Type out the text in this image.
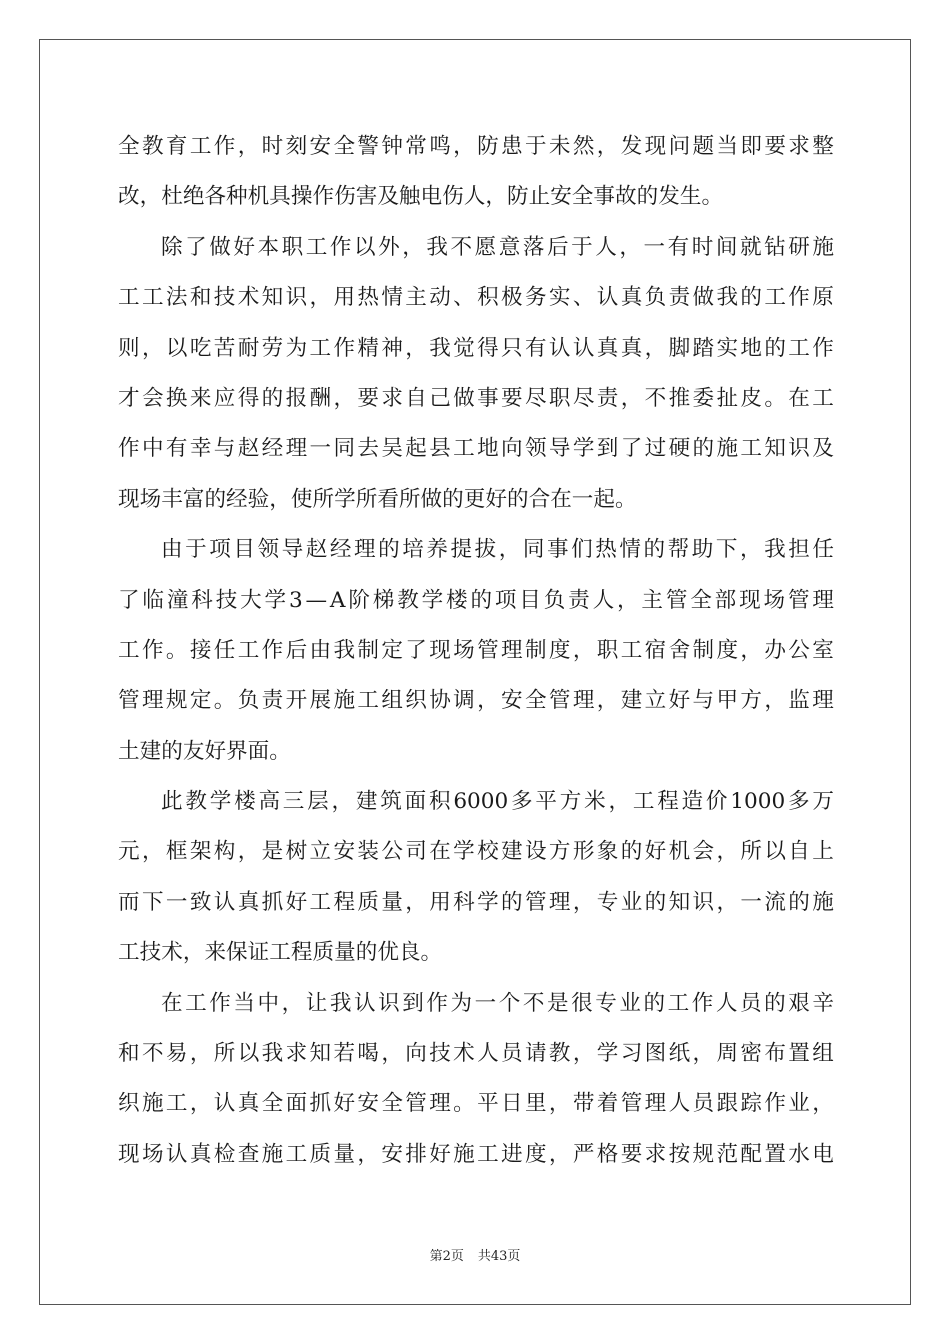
全 教 育 工 作 ， 时 刻 安 全 警 钟 常 鸣 ， 防 患 于 未 然 ， 发 现 问 题 当 即 要 求 整
改 ， 杜 绝 各 种 机 具 操 作 伤 害 及 触 电 伤 人 ， 防 止 安 全 事 故 的 发 生 。
除 了 做 好 本 职 工 作 以 外 ， 我 不 愿 意 落 后 于 人 ， 一 有 时 间 就 钻 研 施
工 工 法 和 技 术 知 识 ， 用 热 情 主 动 、 积 极 务 实 、 认 真 负 责 做 我 的 工 作 原
则 ， 以 吃 苦 耐 劳 为 工 作 精 神 ， 我 觉 得 只 有 认 认 真 真 ， 脚 踏 实 地 的 工 作
才 会 换 来 应 得 的 报 酬 ， 要 求 自 己 做 事 要 尽 职 尽 责 ， 不 推 委 扯 皮 。 在 工
作 中 有 幸 与 赵 经 理 一 同 去 吴 起 县 工 地 向 领 导 学 到 了 过 硬 的 施 工 知 识 及
现 场 丰 富 的 经 验 ， 使 所 学 所 看 所 做 的 更 好 的 合 在 一 起 。
由 于 项 目 领 导 赵 经 理 的 培 养 提 拔 ， 同 事 们 热 情 的 帮 助 下 ， 我 担 任
了 临 潼 科 技 大 学 3 — A 阶 梯 教 学 楼 的 项 目 负 责 人 ， 主 管 全 部 现 场 管 理
工 作 。 接 任 工 作 后 由 我 制 定 了 现 场 管 理 制 度 ， 职 工 宿 舍 制 度 ， 办 公 室
管 理 规 定 。 负 责 开 展 施 工 组 织 协 调 ， 安 全 管 理 ， 建 立 好 与 甲 方 ， 监 理
土 建 的 友 好 界 面 。
此 教 学 楼 高 三 层 ， 建 筑 面 积 6000 多 平 方 米 ， 工 程 造 价 1000 多 万
元 ， 框 架 构 ， 是 树 立 安 装 公 司 在 学 校 建 设 方 形 象 的 好 机 会 ， 所 以 自 上
而 下 一 致 认 真 抓 好 工 程 质 量 ， 用 科 学 的 管 理 ， 专 业 的 知 识 ， 一 流 的 施
工 技 术 ， 来 保 证 工 程 质 量 的 优 良 。
在 工 作 当 中 ， 让 我 认 识 到 作 为 一 个 不 是 很 专 业 的 工 作 人 员 的 艰 辛
和 不 易 ， 所 以 我 求 知 若 喝 ， 向 技 术 人 员 请 教 ， 学 习 图 纸 ， 周 密 布 置 组
织 施 工 ， 认 真 全 面 抓 好 安 全 管 理 。 平 日 里 ， 带 着 管 理 人 员 跟 踪 作 业 ，
现 场 认 真 检 查 施 工 质 量 ， 安 排 好 施 工 进 度 ， 严 格 要 求 按 规 范 配 置 水 电
第2页 共43页
